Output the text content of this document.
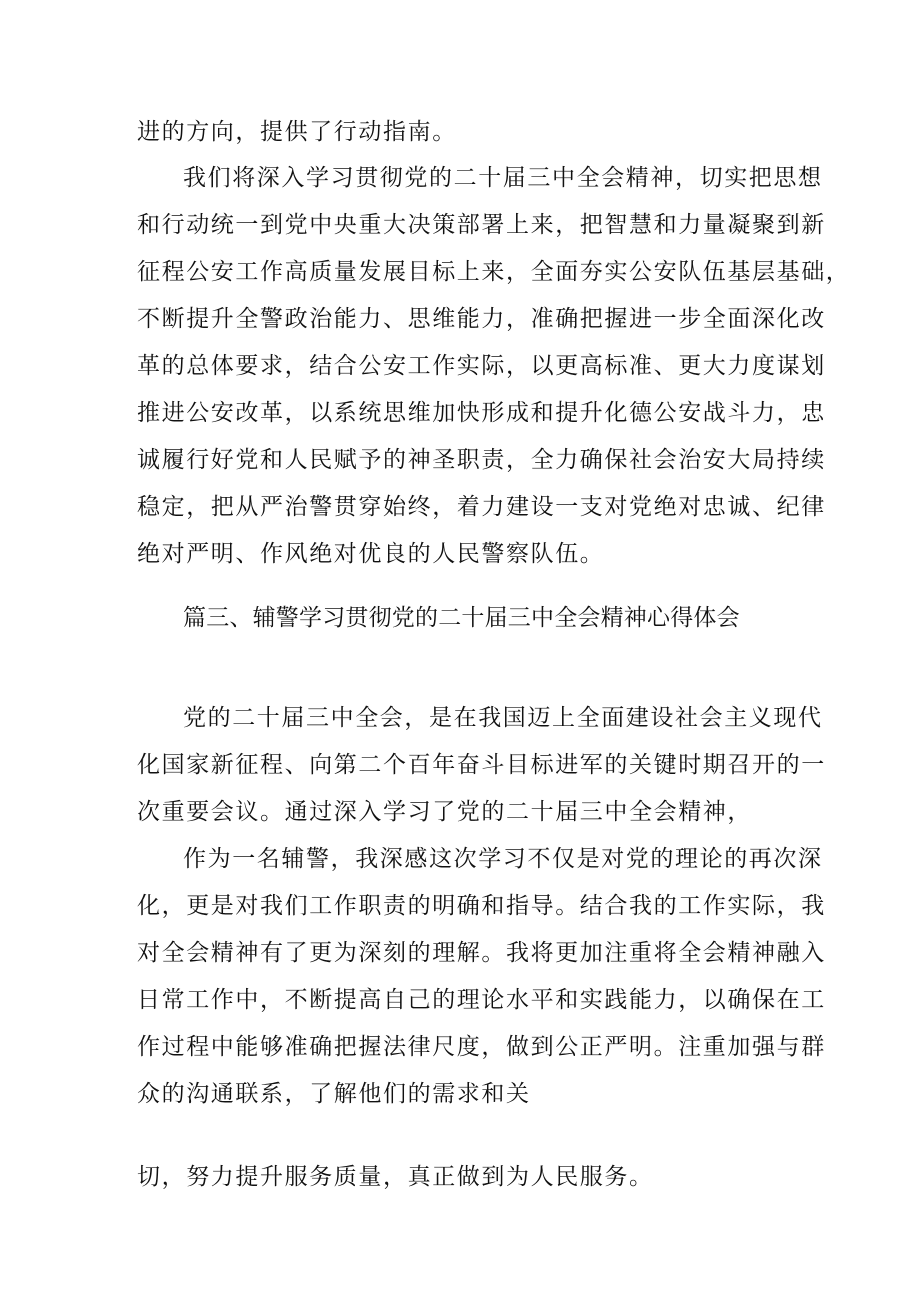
进的方向，提供了行动指南。
我们将深入学习贯彻党的二十届三中全会精神，切实把思想
和行动统一到党中央重大决策部署上来，把智慧和力量凝聚到新
征程公安工作高质量发展目标上来，全面夯实公安队伍基层基础，
不断提升全警政治能力、思维能力，准确把握进一步全面深化改
革的总体要求，结合公安工作实际，以更高标准、更大力度谋划
推进公安改革，以系统思维加快形成和提升化德公安战斗力，忠
诚履行好党和人民赋予的神圣职责，全力确保社会治安大局持续
稳定，把从严治警贯穿始终，着力建设一支对党绝对忠诚、纪律
绝对严明、作风绝对优良的人民警察队伍。
篇三、辅警学习贯彻党的二十届三中全会精神心得体会
党的二十届三中全会，是在我国迈上全面建设社会主义现代
化国家新征程、向第二个百年奋斗目标进军的关键时期召开的一
次重要会议。通过深入学习了党的二十届三中全会精神，
作为一名辅警，我深感这次学习不仅是对党的理论的再次深
化，更是对我们工作职责的明确和指导。结合我的工作实际，我
对全会精神有了更为深刻的理解。我将更加注重将全会精神融入
日常工作中，不断提高自己的理论水平和实践能力，以确保在工
作过程中能够准确把握法律尺度，做到公正严明。注重加强与群
众的沟通联系，了解他们的需求和关
切，努力提升服务质量，真正做到为人民服务。
